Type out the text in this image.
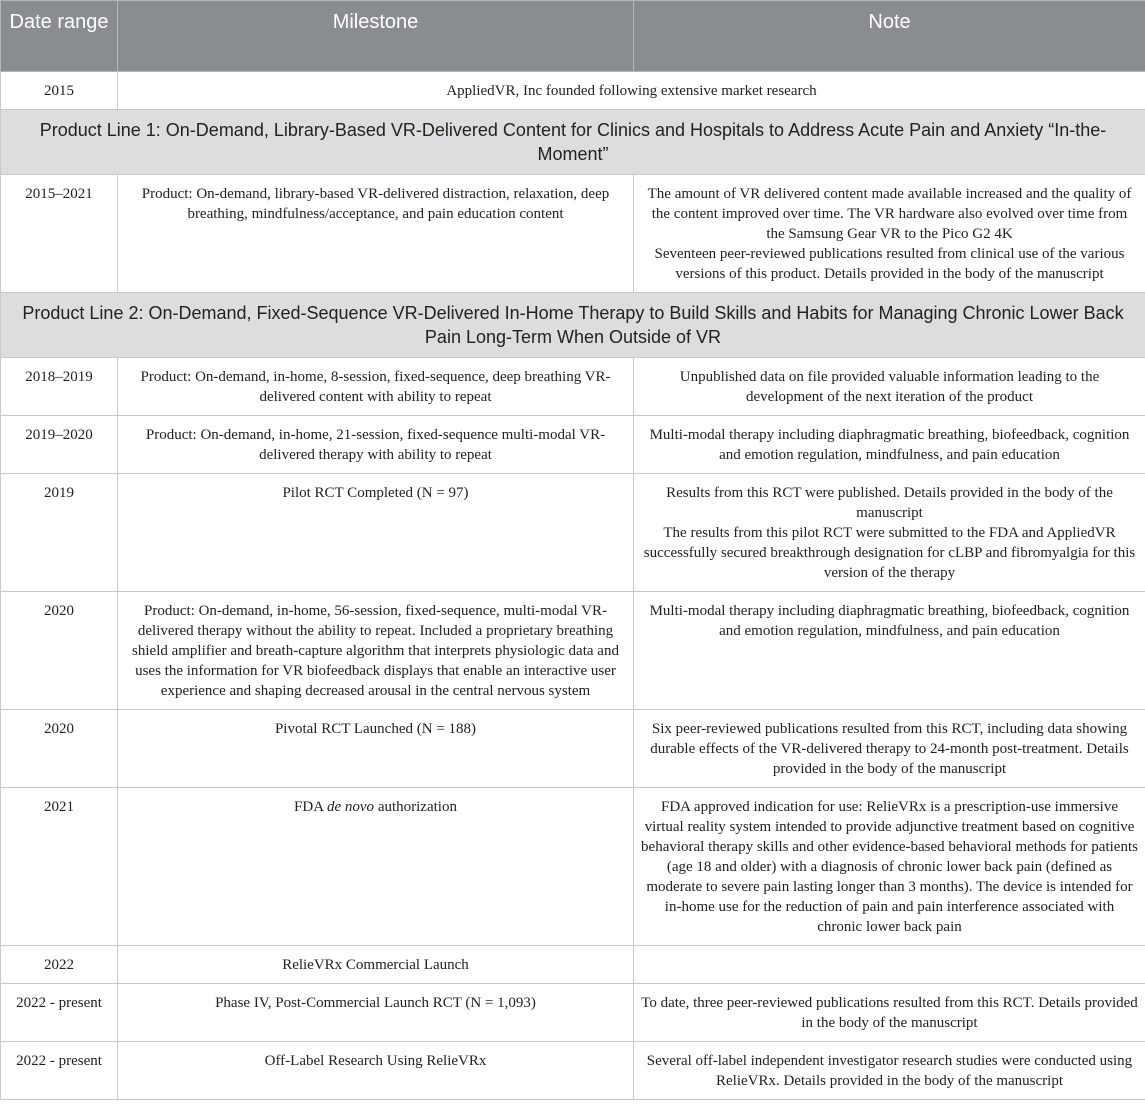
Date range	Milestone	Note
2015	AppliedVR, Inc founded following extensive market research	
Product Line 1: On-Demand, Library-Based VR-Delivered Content for Clinics and Hospitals to Address Acute Pain and Anxiety “In-the-Moment”		
2015–2021	Product: On-demand, library-based VR-delivered distraction, relaxation, deep breathing, mindfulness/acceptance, and pain education content	The amount of VR delivered content made available increased and the quality of the content improved over time. The VR hardware also evolved over time from the Samsung Gear VR to the Pico G2 4K
Seventeen peer-reviewed publications resulted from clinical use of the various versions of this product. Details provided in the body of the manuscript

Product Line 2: On-Demand, Fixed-Sequence VR-Delivered In-Home Therapy to Build Skills and Habits for Managing Chronic Lower Back Pain Long-Term When Outside of VR		
2018–2019	Product: On-demand, in-home, 8-session, fixed-sequence, deep breathing VR-delivered content with ability to repeat	Unpublished data on file provided valuable information leading to the development of the next iteration of the product

2019–2020	Product: On-demand, in-home, 21-session, fixed-sequence multi-modal VR-delivered therapy with ability to repeat	Multi-modal therapy including diaphragmatic breathing, biofeedback, cognition and emotion regulation, mindfulness, and pain education

2019	Pilot RCT Completed (N = 97)	Results from this RCT were published. Details provided in the body of the manuscript
The results from this pilot RCT were submitted to the FDA and AppliedVR successfully secured breakthrough designation for cLBP and fibromyalgia for this version of the therapy

2020	Product: On-demand, in-home, 56-session, fixed-sequence, multi-modal VR-delivered therapy without the ability to repeat. Included a proprietary breathing shield amplifier and breath-capture algorithm that interprets physiologic data and uses the information for VR biofeedback displays that enable an interactive user experience and shaping decreased arousal in the central nervous system	Multi-modal therapy including diaphragmatic breathing, biofeedback, cognition and emotion regulation, mindfulness, and pain education

2020	Pivotal RCT Launched (N = 188)	Six peer-reviewed publications resulted from this RCT, including data showing durable effects of the VR-delivered therapy to 24-month post-treatment. Details provided in the body of the manuscript

2021	FDA de novo authorization	FDA approved indication for use: RelieVRx is a prescription-use immersive virtual reality system intended to provide adjunctive treatment based on cognitive behavioral therapy skills and other evidence-based behavioral methods for patients (age 18 and older) with a diagnosis of chronic lower back pain (defined as moderate to severe pain lasting longer than 3 months). The device is intended for in-home use for the reduction of pain and pain interference associated with chronic lower back pain
2022	RelieVRx Commercial Launch	
2022 - present	Phase IV, Post-Commercial Launch RCT (N = 1,093)	To date, three peer-reviewed publications resulted from this RCT. Details provided in the body of the manuscript

2022 - present	Off-Label Research Using RelieVRx	Several off-label independent investigator research studies were conducted using RelieVRx. Details provided in the body of the manuscript
